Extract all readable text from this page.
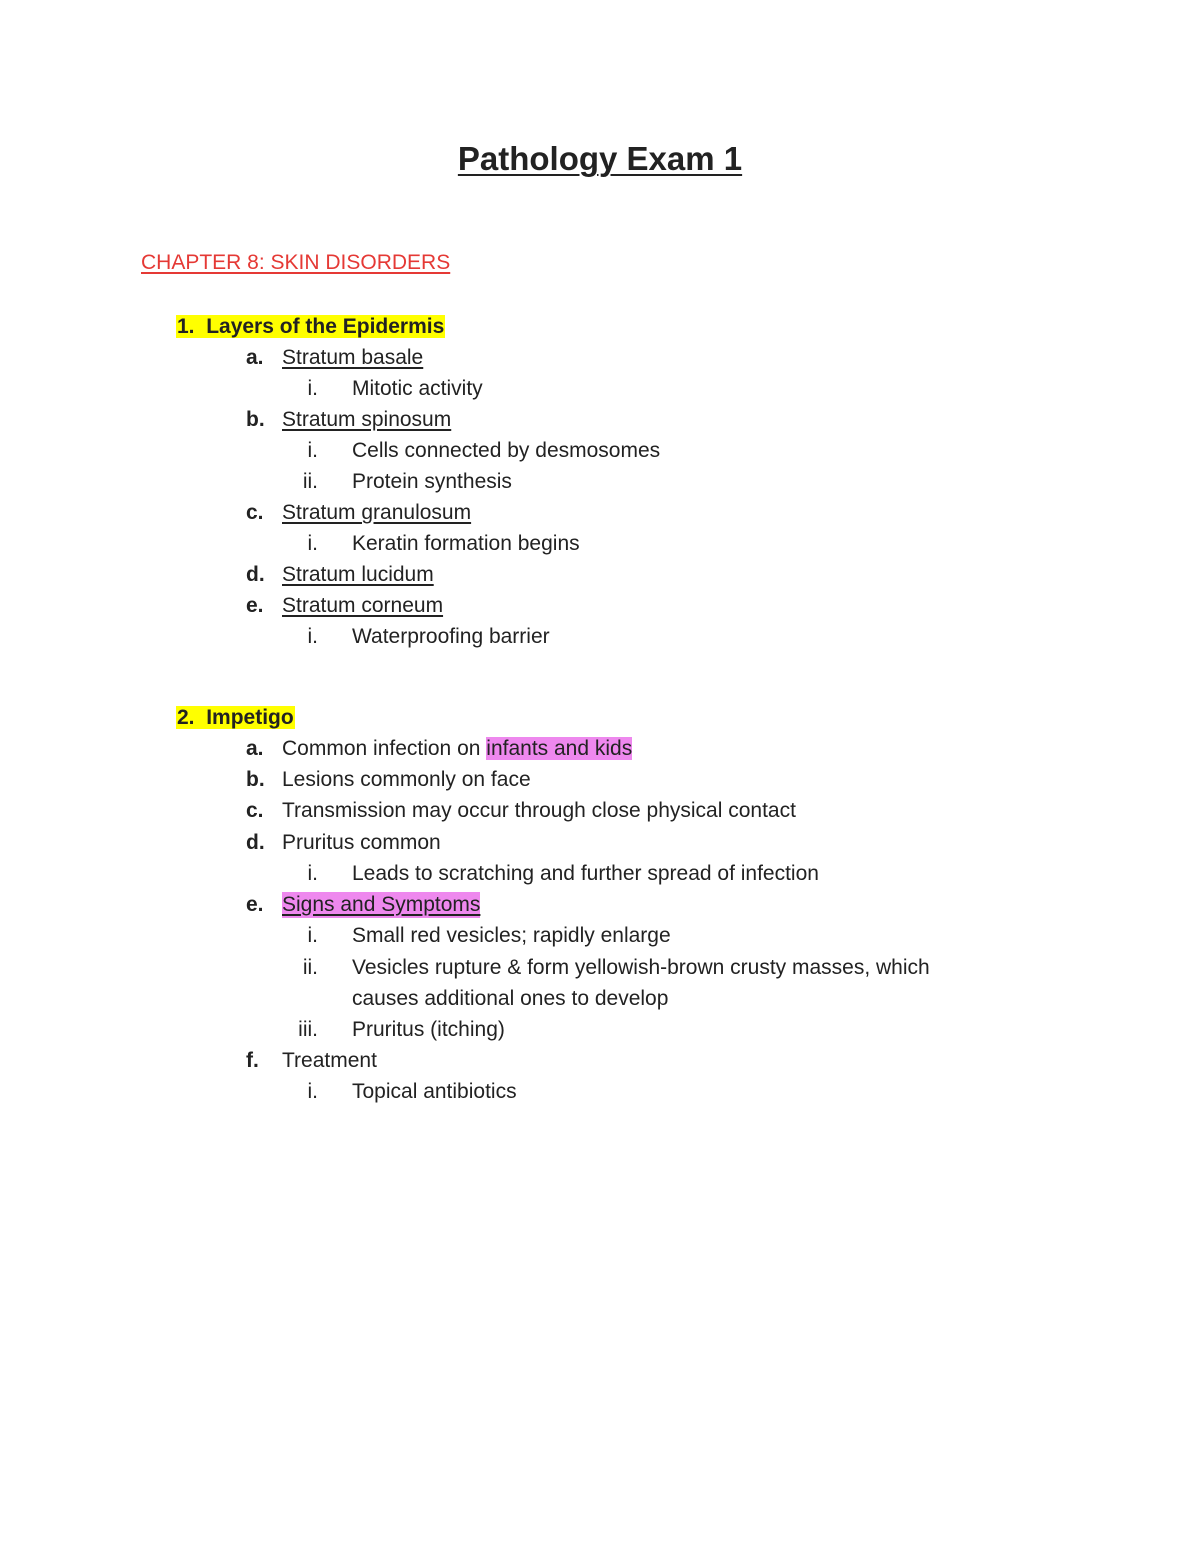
Pathology Exam 1
CHAPTER 8: SKIN DISORDERS
1. Layers of the Epidermis
a. Stratum basale
i. Mitotic activity
b. Stratum spinosum
i. Cells connected by desmosomes
ii. Protein synthesis
c. Stratum granulosum
i. Keratin formation begins
d. Stratum lucidum
e. Stratum corneum
i. Waterproofing barrier
2. Impetigo
a. Common infection on infants and kids
b. Lesions commonly on face
c. Transmission may occur through close physical contact
d. Pruritus common
i. Leads to scratching and further spread of infection
e. Signs and Symptoms
i. Small red vesicles; rapidly enlarge
ii. Vesicles rupture & form yellowish-brown crusty masses, which
causes additional ones to develop
iii. Pruritus (itching)
f. Treatment
i. Topical antibiotics
